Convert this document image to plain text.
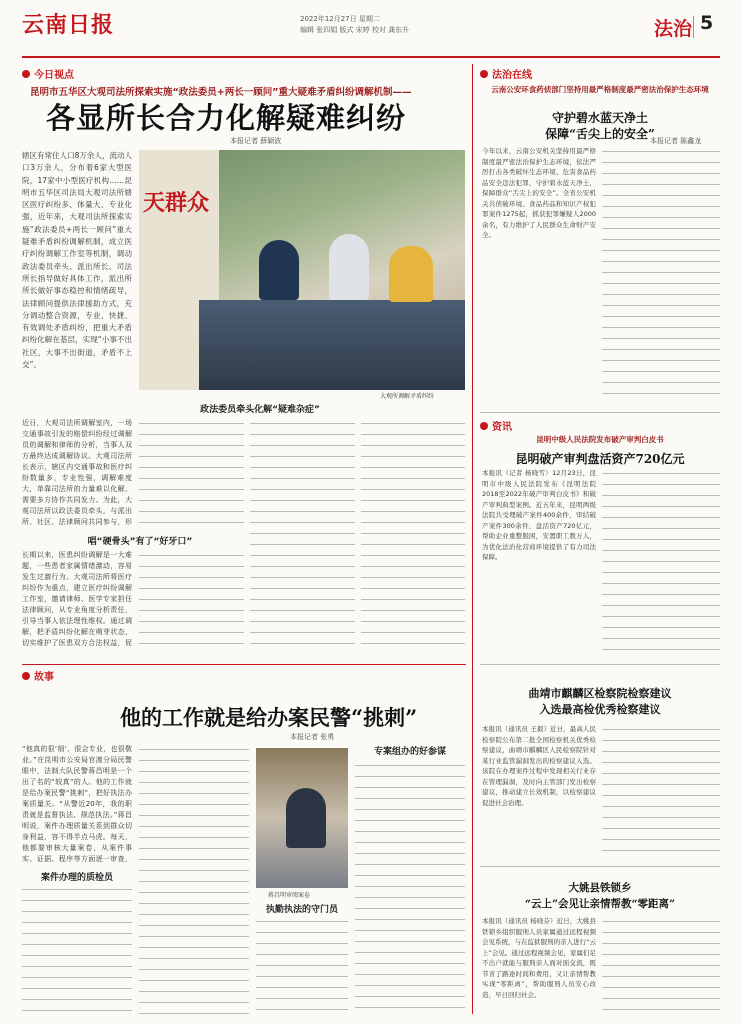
云南日报	2022年12月27日 星期二
编辑 张四娟 版式 宋婷 校对 龚东升	法治 5
今日视点
昆明市五华区大观司法所探索实施“政法委员+两长一顾问”重大疑难矛盾纠纷调解机制——
各显所长合力化解疑难纠纷
本报记者 薛颖波
辖区有常住人口8万余人，流动人口3万余人，分布着6家大型医院，17家中小型医疗机构……昆明市五华区司法局大观司法所辖区医疗纠纷多、体量大、专业化强，近年来，大观司法所探索实施“政法委员+两长一顾问”重大疑难矛盾纠纷调解机制，成立医疗纠纷调解工作室等机制，调动政法委员牵头、派出所长、司法所长指导做好具体工作，派出所所长做好事态稳控和情绪疏导，法律顾问提供法律援助方式，充分调动整合资源，专业、快捷、有效调处矛盾纠纷，把重大矛盾纠纷化解在基层，实现“小事不出社区，大事不出街道，矛盾不上交”。
天群众
大观所调解矛盾纠纷
政法委员牵头化解“疑难杂症”
近日，大观司法所调解室内，一场交通事故引发的赔偿纠纷经过调解员的调解和律师的分析，当事人双方最终达成调解协议。大观司法所长表示，辖区内交通事故和医疗纠纷数量多，专业性强，调解难度大，单靠司法所的力量难以化解，需要多方协作共同发力。为此，大观司法所以政法委员牵头，与派出所、社区、法律顾问共同参与，形
唱“硬骨头”有了“好牙口”
长期以来，医患纠纷调解是一大难题，一些患者家属情绪激动，容易发生过激行为。大观司法所将医疗纠纷作为重点，建立医疗纠纷调解工作室，邀请律师、医学专家担任法律顾问，从专业角度分析责任，引导当事人依法理性维权。通过调解，把矛盾纠纷化解在萌芽状态，切实维护了医患双方合法权益，促
故事
他的工作就是给办案民警“挑刺”
本报记者 张勇
“他真的很‘细’，很会专业，也很敬业。”在昆明市公安局官渡分局民警眼中，法制大队民警蒋昌明是一个出了名的“较真”的人。他的工作就是给办案民警“挑刺”，把好执法办案质量关。“从警近20年，我的职责就是监督执法、规范执法。”蒋昌明说，案件办理质量关系到群众切身利益，容不得半点马虎。每天，他都要审核大量案卷，从案件事实、证据、程序等方面逐一审查，
案件办理的质检员
蒋昌明审阅案卷
执勤执法的守门员
专案组办的好参谋
法治在线
云南公安环食药侦部门坚持用最严格制度最严密法治保护生态环境
守护碧水蓝天净土
保障“舌尖上的安全”
本报记者 陈鑫龙
今年以来，云南公安机关坚持用最严格制度最严密法治保护生态环境，依法严厉打击各类破坏生态环境、危害食品药品安全违法犯罪，守护碧水蓝天净土，保障群众“舌尖上的安全”。全省公安机关共侦破环境、食品药品和知识产权犯罪案件1275起，抓获犯罪嫌疑人2000余名，有力维护了人民群众生命财产安全。
资讯
昆明中级人民法院发布破产审判白皮书
昆明破产审判盘活资产720亿元
本报讯（记者 杨晓雪）12月23日，昆明市中级人民法院发布《昆明法院2018至2022年破产审判白皮书》和破产审判典型案例。近五年来，昆明两级法院共受理破产案件400余件，审结破产案件300余件，盘活资产720亿元，帮助企业重整脱困，安置职工数万人，为优化法治化营商环境提供了有力司法保障。
曲靖市麒麟区检察院检察建议
入选最高检优秀检察建议
本报讯（通讯员 王毅）近日，最高人民检察院公布第二批全国检察机关优秀检察建议，曲靖市麒麟区人民检察院针对某行业监管漏洞发出的检察建议入选。该院在办理案件过程中发现相关行业存在管理漏洞，及时向主管部门发出检察建议，推动建立长效机制，以检察建议促进社会治理。
大姚县铁锁乡
“云上”会见让亲情帮教“零距离”
本报讯（通讯员 杨晓芬）近日，大姚县铁锁乡组织服刑人员家属通过远程视频会见系统，与在监狱服刑的亲人进行“云上”会见。通过远程视频会见，家属们足不出户就能与服刑亲人面对面交流，既节省了路途时间和费用，又让亲情帮教实现“零距离”，帮助服刑人员安心改造、早日回归社会。
